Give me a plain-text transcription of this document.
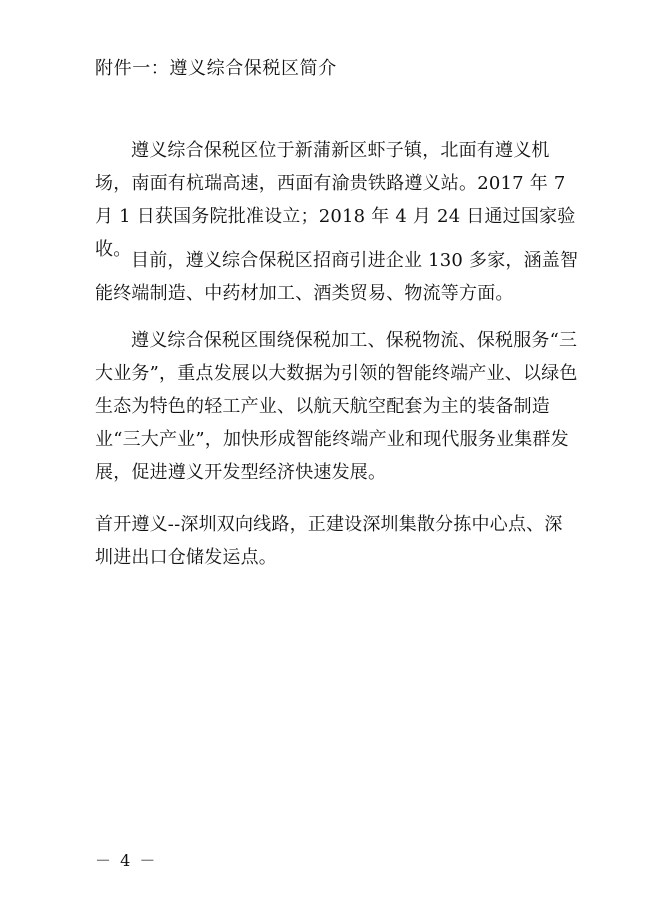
附件一：遵义综合保税区简介

遵义综合保税区位于新蒲新区虾子镇，北面有遵义机场，南面有杭瑞高速，西面有渝贵铁路遵义站。2017 年 7 月 1 日获国务院批准设立；2018 年 4 月 24 日通过国家验收。

目前，遵义综合保税区招商引进企业 130 多家，涵盖智能终端制造、中药材加工、酒类贸易、物流等方面。

遵义综合保税区围绕保税加工、保税物流、保税服务“三大业务”，重点发展以大数据为引领的智能终端产业、以绿色生态为特色的轻工产业、以航天航空配套为主的装备制造业“三大产业”，加快形成智能终端产业和现代服务业集群发展，促进遵义开发型经济快速发展。

首开遵义--深圳双向线路，正建设深圳集散分拣中心点、深圳进出口仓储发运点。

－ 4 －
